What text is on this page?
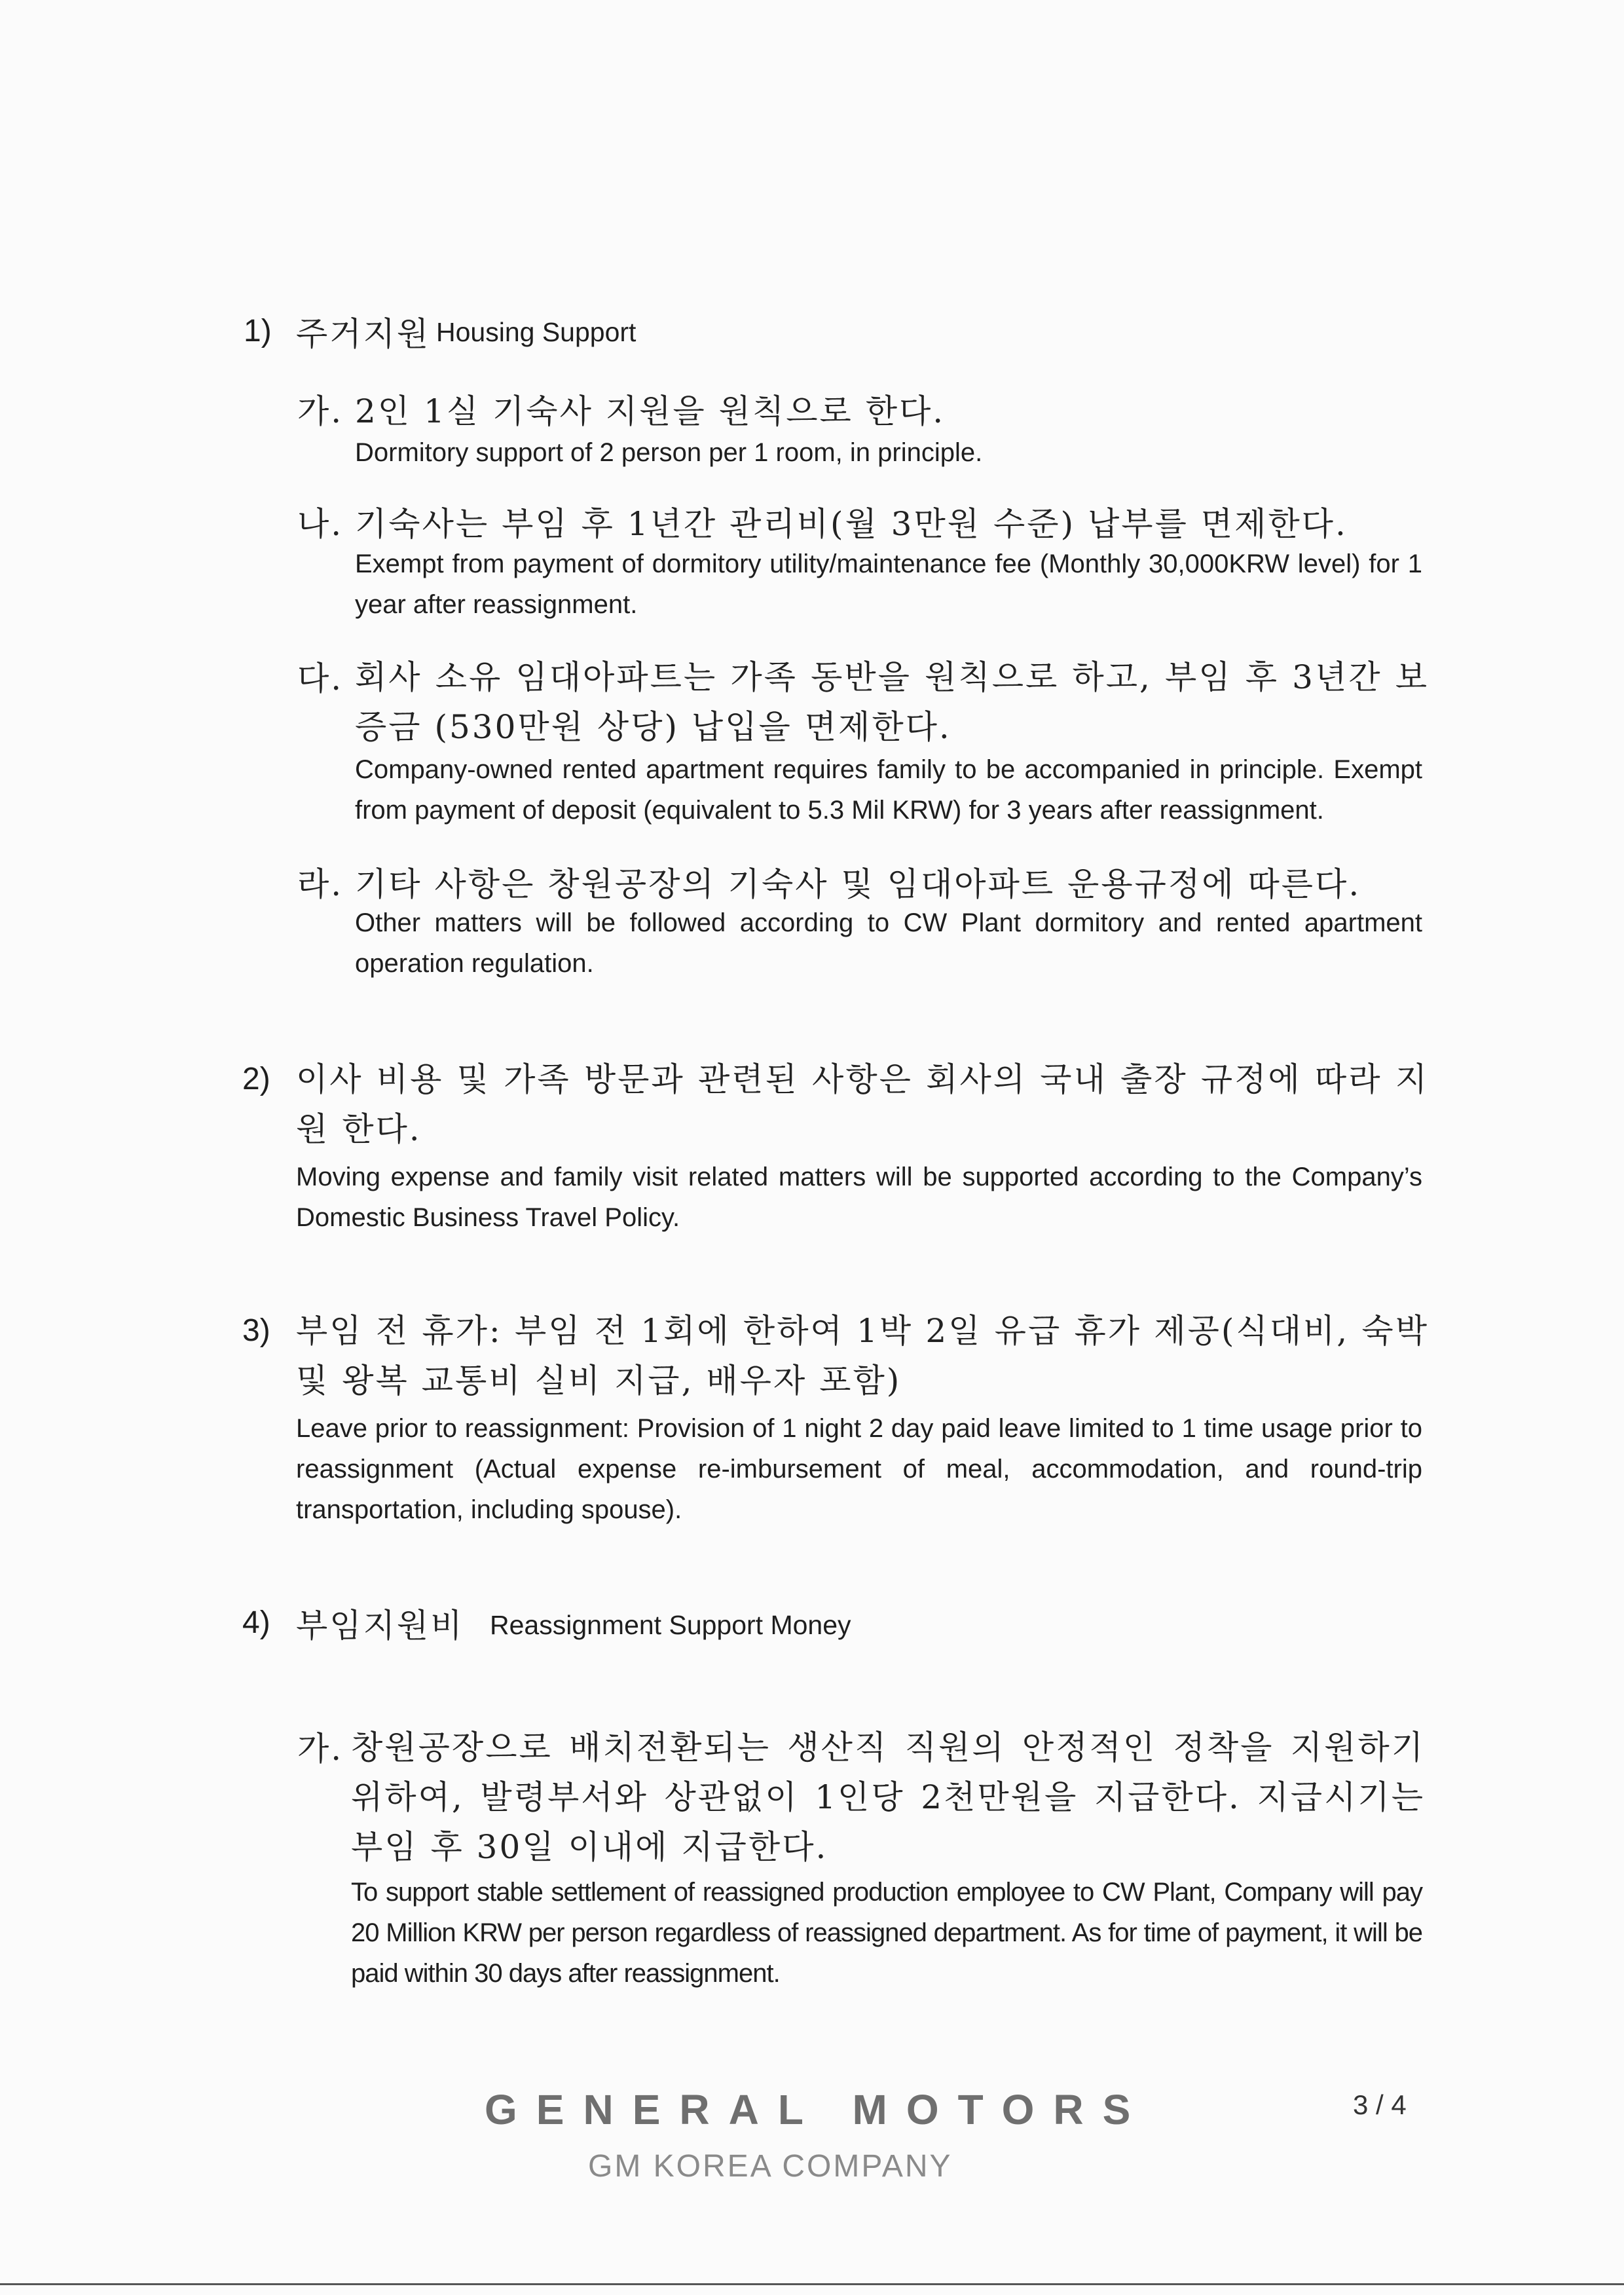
1) 주거지원 Housing Support
가. 2인 1실 기숙사 지원을 원칙으로 한다.
Dormitory support of 2 person per 1 room, in principle.
나. 기숙사는 부임 후 1년간 관리비(월 3만원 수준) 납부를 면제한다.
Exempt from payment of dormitory utility/maintenance fee (Monthly 30,000KRW level) for 1 year after reassignment.
다. 회사 소유 임대아파트는 가족 동반을 원칙으로 하고, 부임 후 3년간 보증금 (530만원 상당) 납입을 면제한다.
Company-owned rented apartment requires family to be accompanied in principle. Exempt from payment of deposit (equivalent to 5.3 Mil KRW) for 3 years after reassignment.
라. 기타 사항은 창원공장의 기숙사 및 임대아파트 운용규정에 따른다.
Other matters will be followed according to CW Plant dormitory and rented apartment operation regulation.
2) 이사 비용 및 가족 방문과 관련된 사항은 회사의 국내 출장 규정에 따라 지원 한다.
Moving expense and family visit related matters will be supported according to the Company’s Domestic Business Travel Policy.
3) 부임 전 휴가: 부임 전 1회에 한하여 1박 2일 유급 휴가 제공(식대비, 숙박 및 왕복 교통비 실비 지급, 배우자 포함)
Leave prior to reassignment: Provision of 1 night 2 day paid leave limited to 1 time usage prior to reassignment (Actual expense re-imbursement of meal, accommodation, and round-trip transportation, including spouse).
4) 부임지원비 Reassignment Support Money
가. 창원공장으로 배치전환되는 생산직 직원의 안정적인 정착을 지원하기 위하여, 발령부서와 상관없이 1인당 2천만원을 지급한다. 지급시기는 부임 후 30일 이내에 지급한다.
To support stable settlement of reassigned production employee to CW Plant, Company will pay 20 Million KRW per person regardless of reassigned department. As for time of payment, it will be paid within 30 days after reassignment.
GENERAL MOTORS
GM KOREA COMPANY
3 / 4
